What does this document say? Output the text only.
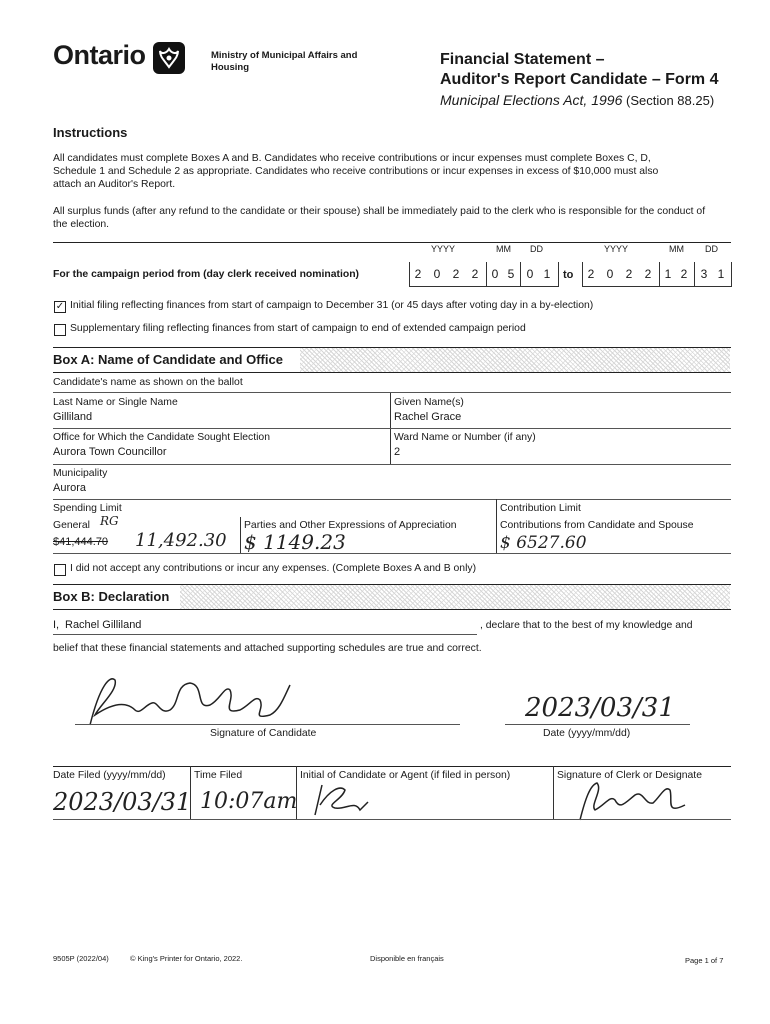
Ontario	Ministry of Municipal Affairs and Housing	Financial Statement –
Auditor's Report Candidate – Form 4
Municipal Elections Act, 1996 (Section 88.25)
Instructions
All candidates must complete Boxes A and B. Candidates who receive contributions or incur expenses must complete Boxes C, D, Schedule 1 and Schedule 2 as appropriate. Candidates who receive contributions or incur expenses in excess of $10,000 must also attach an Auditor's Report.
All surplus funds (after any refund to the candidate or their spouse) shall be immediately paid to the clerk who is responsible for the conduct of the election.
YYYY	MM DD	YYYY	MM DD
For the campaign period from (day clerk received nomination)	2	0	2	2	0 5	0 1	to	2	0	2	2	1 2	3 1
✓ Initial filing reflecting finances from start of campaign to December 31 (or 45 days after voting day in a by-election)
Supplementary filing reflecting finances from start of campaign to end of extended campaign period
Box A: Name of Candidate and Office
Candidate's name as shown on the ballot
Last Name or Single Name
Gilliland
Given Name(s)
Rachel Grace
Office for Which the Candidate Sought Election
Aurora Town Councillor
Ward Name or Number (if any)
2
Municipality
Aurora
Spending Limit
General RG
$41,444.70 11,492.30
Parties and Other Expressions of Appreciation
$ 1149.23
Contribution Limit
Contributions from Candidate and Spouse
$ 6527.60
I did not accept any contributions or incur any expenses. (Complete Boxes A and B only)
Box B: Declaration
I, Rachel Gilliland	, declare that to the best of my knowledge and
belief that these financial statements and attached supporting schedules are true and correct.
Signature of Candidate
2023/03/31
Date (yyyy/mm/dd)
Date Filed (yyyy/mm/dd)
2023/03/31
Time Filed
10:07am
Initial of Candidate or Agent (if filed in person)	Signature of Clerk or Designate
9505P (2022/04)	© King's Printer for Ontario, 2022.	Disponible en français	Page 1 of 7
